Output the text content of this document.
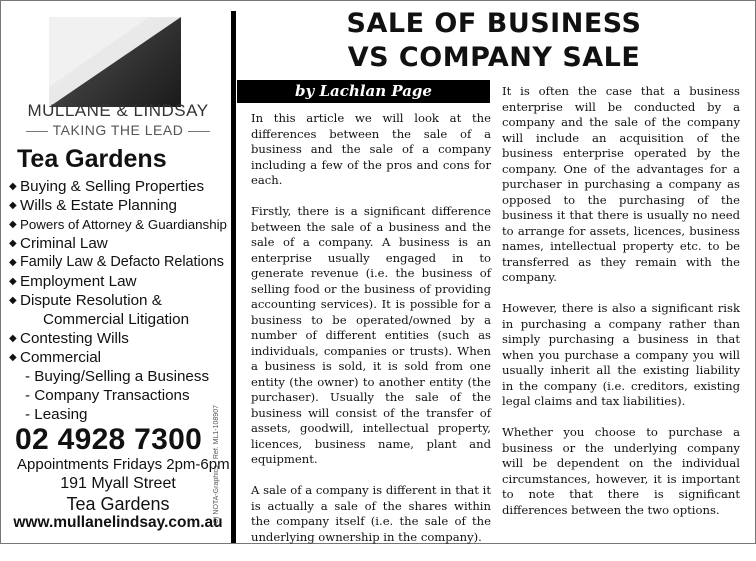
MULLANE & LINDSAY
TAKING THE LEAD
Tea Gardens
◆ Buying & Selling Properties
◆ Wills & Estate Planning
◆ Powers of Attorney & Guardianship
◆ Criminal Law
◆ Family Law & Defacto Relations
◆ Employment Law
◆ Dispute Resolution &
Commercial Litigation
◆ Contesting Wills
◆ Commercial
- Buying/Selling a Business
- Company Transactions
- Leasing
02 4928 7300
Appointments Fridays 2pm-6pm
191 Myall Street
Tea Gardens
www.mullanelindsay.com.au
(C) NOTA-Graphics - Ref. ML1-108907
SALE OF BUSINESS
VS COMPANY SALE
by Lachlan Page

In this article we will look at the differences between the sale of a business and the sale of a company including a few of the pros and cons for each.

Firstly, there is a significant difference between the sale of a business and the sale of a company. A business is an enterprise usually engaged in to generate revenue (i.e. the business of selling food or the business of providing accounting services). It is possible for a business to be operated/owned by a number of different entities (such as individuals, companies or trusts). When a business is sold, it is sold from one entity (the owner) to another entity (the purchaser). Usually the sale of the business will consist of the transfer of assets, goodwill, intellectual property, licences, business name, plant and equipment.

A sale of a company is different in that it is actually a sale of the shares within the company itself (i.e. the sale of the underlying ownership in the company).

It is often the case that a business enterprise will be conducted by a company and the sale of the company will include an acquisition of the business enterprise operated by the company. One of the advantages for a purchaser in purchasing a company as opposed to the purchasing of the business it that there is usually no need to arrange for assets, licences, business names, intellectual property etc. to be transferred as they remain with the company.

However, there is also a significant risk in purchasing a company rather than simply purchasing a business in that when you purchase a company you will usually inherit all the existing liability in the company (i.e. creditors, existing legal claims and tax liabilities).

Whether you choose to purchase a business or the underlying company will be dependent on the individual circumstances, however, it is important to note that there is significant differences between the two options.
